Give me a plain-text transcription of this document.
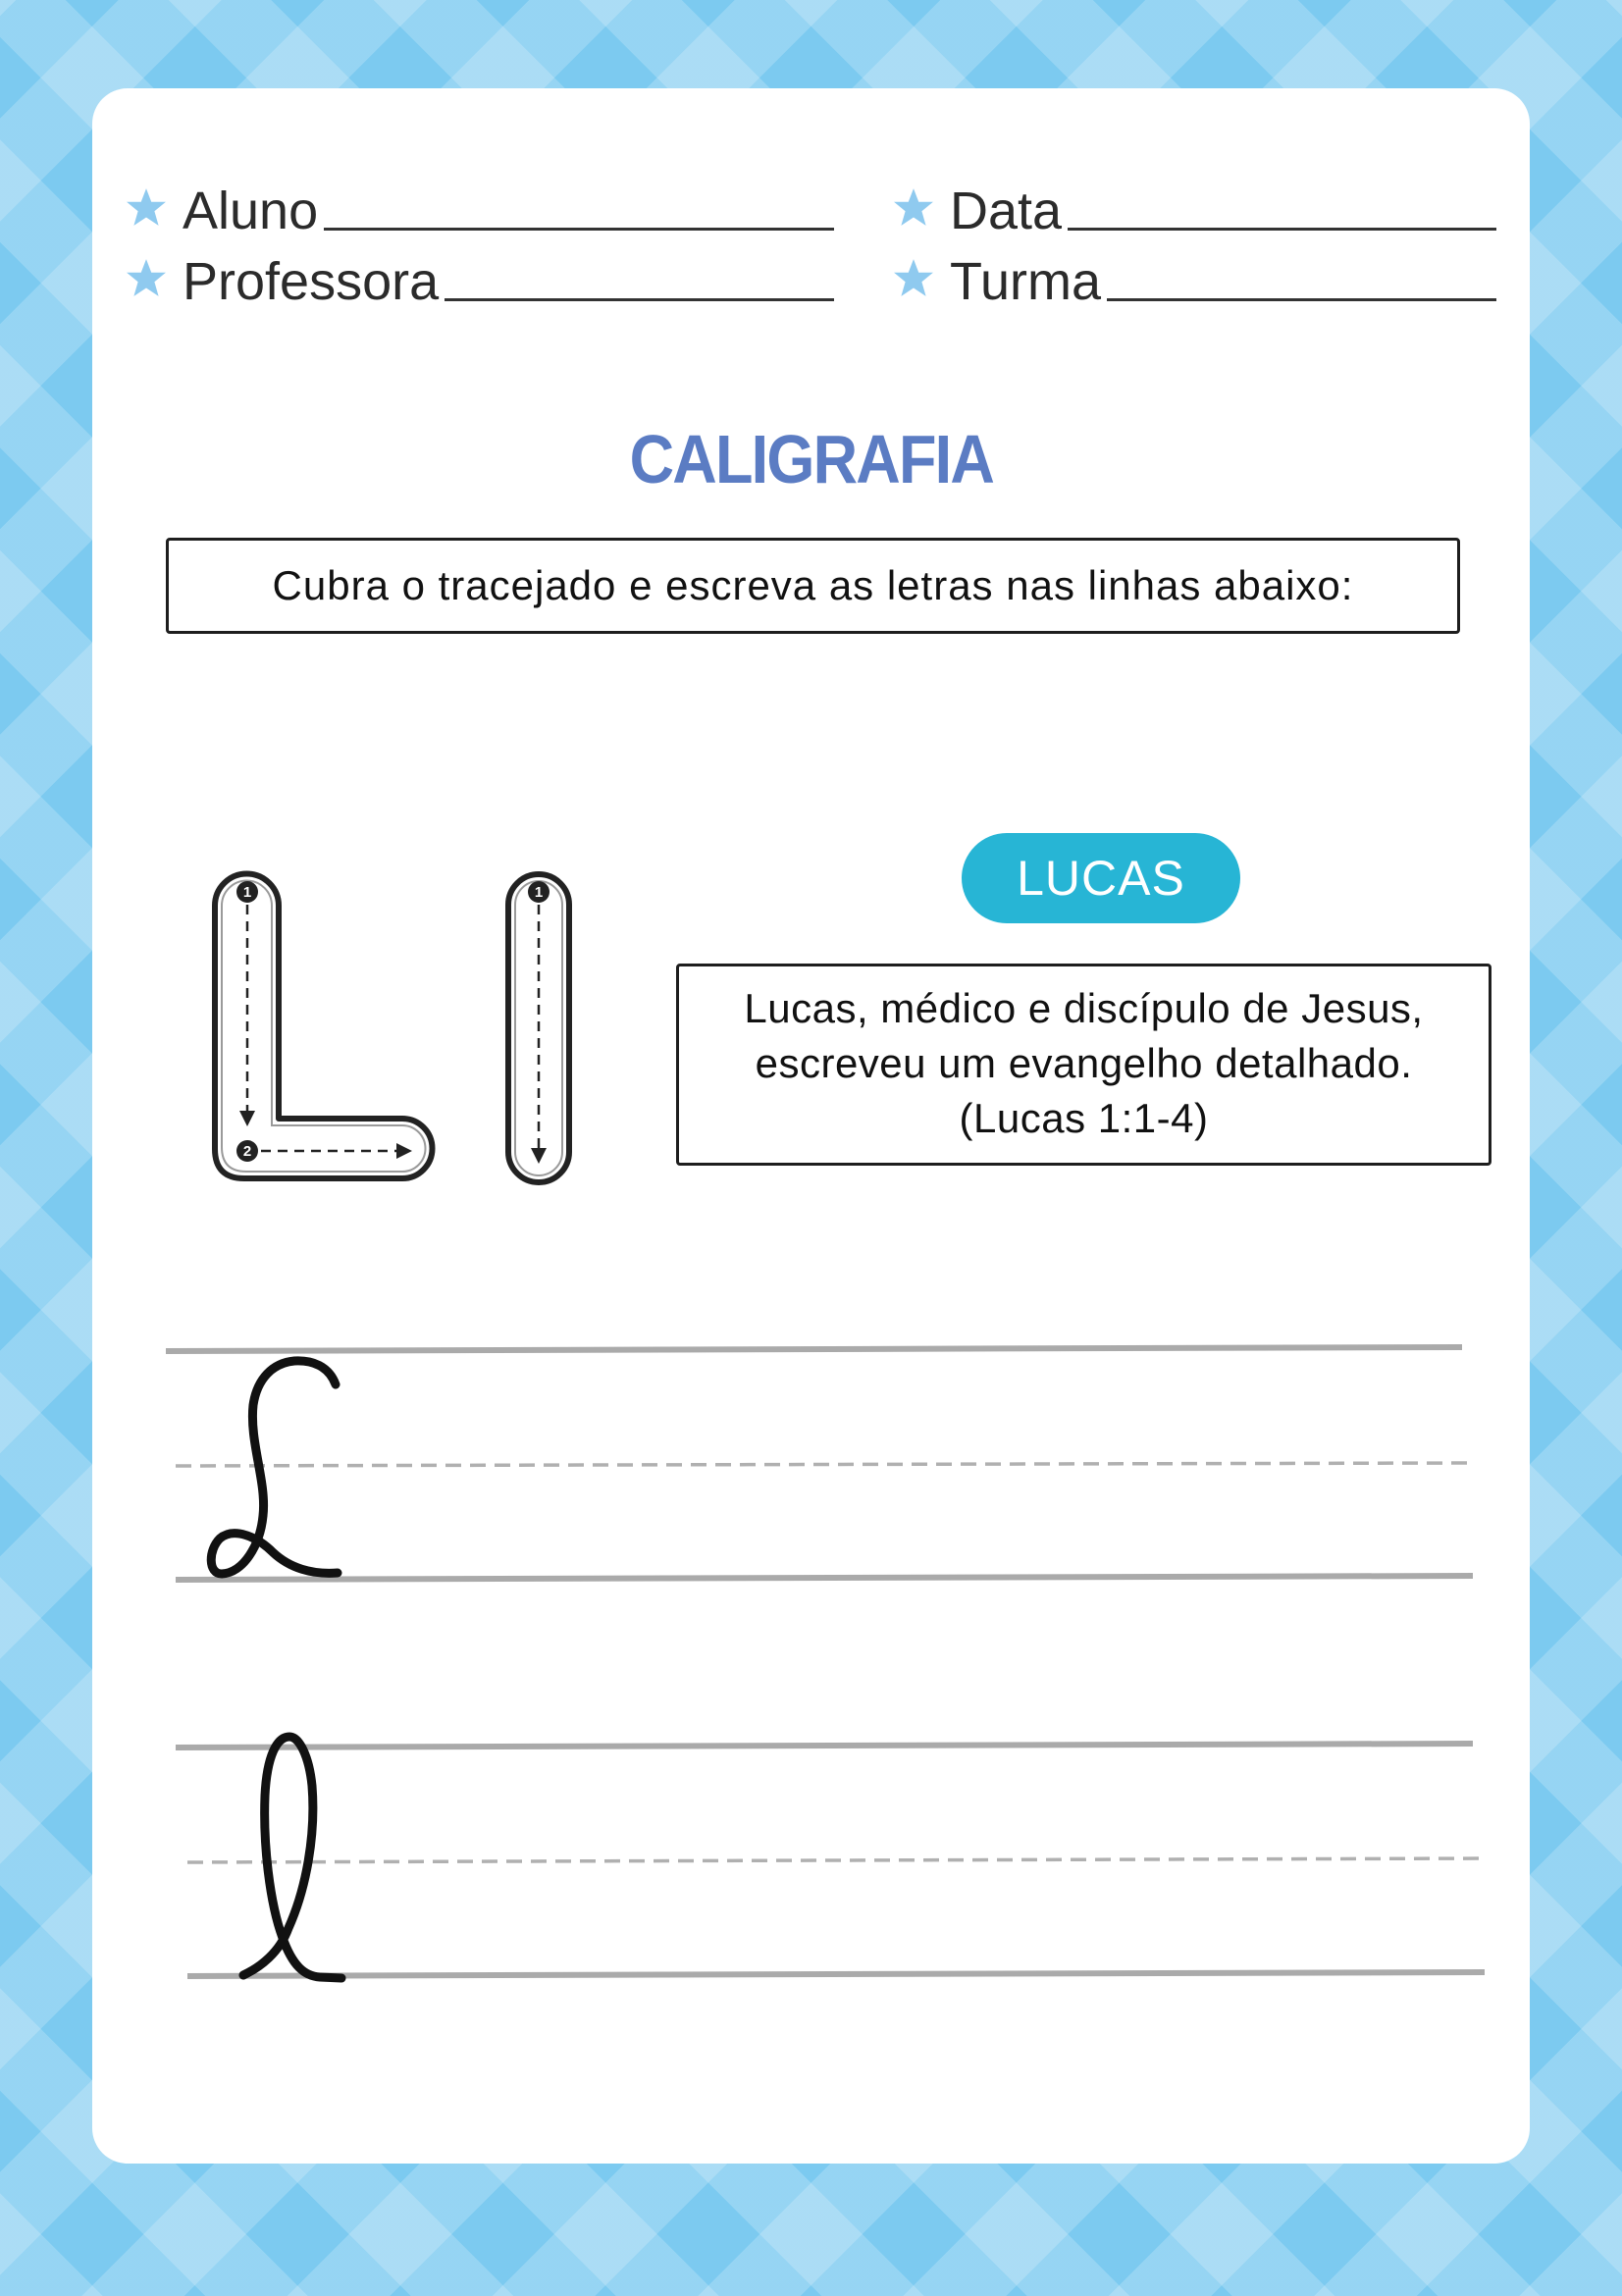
Aluno
Professora
Data
Turma
CALIGRAFIA
Cubra o tracejado e escreva as letras nas linhas abaixo:
1
2
1	LUCAS
Lucas, médico e discípulo de Jesus,
escreveu um evangelho detalhado.
(Lucas 1:1-4)
